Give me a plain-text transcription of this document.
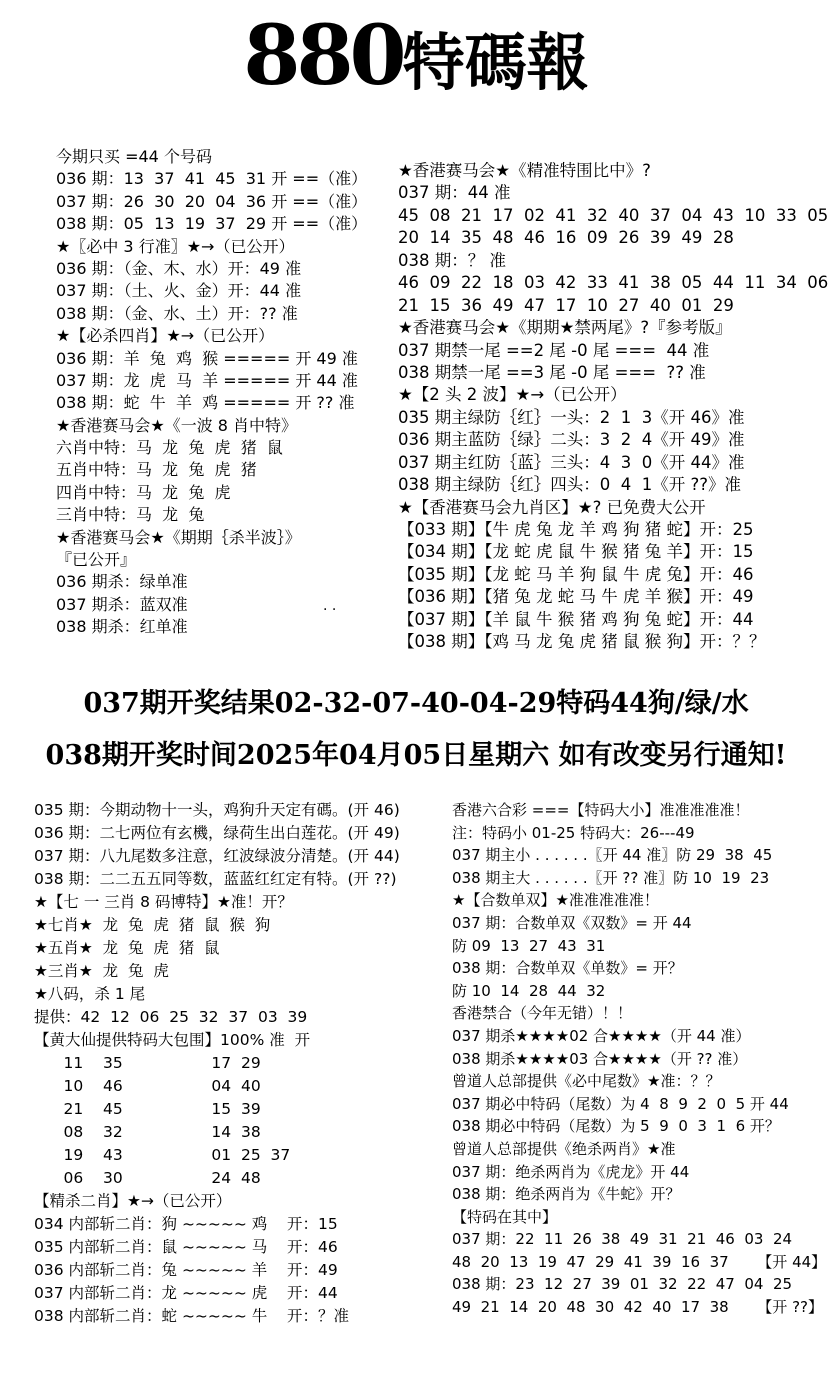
880特碼報
今期只买 =44 个号码
036 期：13  37  41  45  31 开 ==（准）
037 期：26  30  20  04  36 开 ==（准）
038 期：05  13  19  37  29 开 ==（准）
★〖必中 3 行准〗★→（已公开）
036 期：（金、木、水）开：49 准
037 期：（土、火、金）开：44 准
038 期：（金、水、土）开：?? 准
★【必杀四肖】★→（已公开）
036 期：羊  兔  鸡  猴 ===== 开 49 准
037 期：龙  虎  马  羊 ===== 开 44 准
038 期：蛇  牛  羊  鸡 ===== 开 ?? 准
★香港赛马会★《一波 8 肖中特》
六肖中特：马  龙  兔  虎  猪  鼠
五肖中特：马  龙  兔  虎  猪
四肖中特：马  龙  兔  虎
三肖中特：马  龙  兔
★香港赛马会★《期期｛杀半波｝》
『已公开』
036 期杀：绿单准
037 期杀：蓝双准
038 期杀：红单准
. .
★香港赛马会★《精准特围比中》?
037 期：44 准
45  08  21  17  02  41  32  40  37  04  43  10  33  05
20  14  35  48  46  16  09  26  39  49  28
038 期：？ 准
46  09  22  18  03  42  33  41  38  05  44  11  34  06
21  15  36  49  47  17  10  27  40  01  29
★香港赛马会★《期期★禁两尾》?『参考版』
037 期禁一尾 ==2 尾 -0 尾 ===  44 准
038 期禁一尾 ==3 尾 -0 尾 ===  ?? 准
★【2 头 2 波】★→（已公开）
035 期主绿防｛红｝一头：2  1  3《开 46》准
036 期主蓝防｛绿｝二头：3  2  4《开 49》准
037 期主红防｛蓝｝三头：4  3  0《开 44》准
038 期主绿防｛红｝四头：0  4  1《开 ??》准
★【香港赛马会九肖区】★? 已免费大公开
【033 期】【牛 虎 兔 龙 羊 鸡 狗 猪 蛇】开：25
【034 期】【龙 蛇 虎 鼠 牛 猴 猪 兔 羊】开：15
【035 期】【龙 蛇 马 羊 狗 鼠 牛 虎 兔】开：46
【036 期】【猪 兔 龙 蛇 马 牛 虎 羊 猴】开：49
【037 期】【羊 鼠 牛 猴 猪 鸡 狗 兔 蛇】开：44
【038 期】【鸡 马 龙 兔 虎 猪 鼠 猴 狗】开：？？
037期开奖结果02-32-07-40-04-29特码44狗/绿/水
038期开奖时间2025年04月05日星期六 如有改变另行通知!
035 期：今期动物十一头，鸡狗升天定有碼。(开 46)
036 期：二七两位有玄機，绿荷生出白莲花。(开 49)
037 期：八九尾数多注意，红波绿波分清楚。(开 44)
038 期：二二五五同等数，蓝蓝红红定有特。(开 ??)
★【七 一 三肖 8 码博特】★准！开？
★七肖★  龙  兔  虎  猪  鼠  猴  狗
★五肖★  龙  兔  虎  猪  鼠
★三肖★  龙  兔  虎
★八码，杀 1 尾
提供：42  12  06  25  32  37  03  39
【黄大仙提供特码大包围】100% 准  开
11    35                  17  29
10    46                  04  40
21    45                  15  39
08    32                  14  38
19    43                  01  25  37
06    30                  24  48
【精杀二肖】★→（已公开）
034 内部斩二肖：狗 ~~~~~ 鸡    开：15
035 内部斩二肖：鼠 ~~~~~ 马    开：46
036 内部斩二肖：兔 ~~~~~ 羊    开：49
037 内部斩二肖：龙 ~~~~~ 虎    开：44
038 内部斩二肖：蛇 ~~~~~ 牛    开：？准
香港六合彩 ===【特码大小】准准准准准！
注：特码小 01-25 特码大：26---49
037 期主小 . . . . . .〖开 44 准〗防 29  38  45
038 期主大 . . . . . .〖开 ?? 准〗防 10  19  23
★【合数单双】★准准准准准！
037 期：合数单双《双数》= 开 44
防 09  13  27  43  31
038 期：合数单双《单数》= 开？
防 10  14  28  44  32
香港禁合（今年无错）！！
037 期杀★★★★02 合★★★★（开 44 准）
038 期杀★★★★03 合★★★★（开 ?? 准）
曾道人总部提供《必中尾数》★准：？？
037 期必中特码（尾数）为 4  8  9  2  0  5 开 44
038 期必中特码（尾数）为 5  9  0  3  1  6 开？
曾道人总部提供《绝杀两肖》★准
037 期：绝杀两肖为《虎龙》开 44
038 期：绝杀两肖为《牛蛇》开？
【特码在其中】
037 期：22  11  26  38  49  31  21  46  03  24
48  20  13  19  47  29  41  39  16  37      【开 44】
038 期：23  12  27  39  01  32  22  47  04  25
49  21  14  20  48  30  42  40  17  38      【开 ??】
